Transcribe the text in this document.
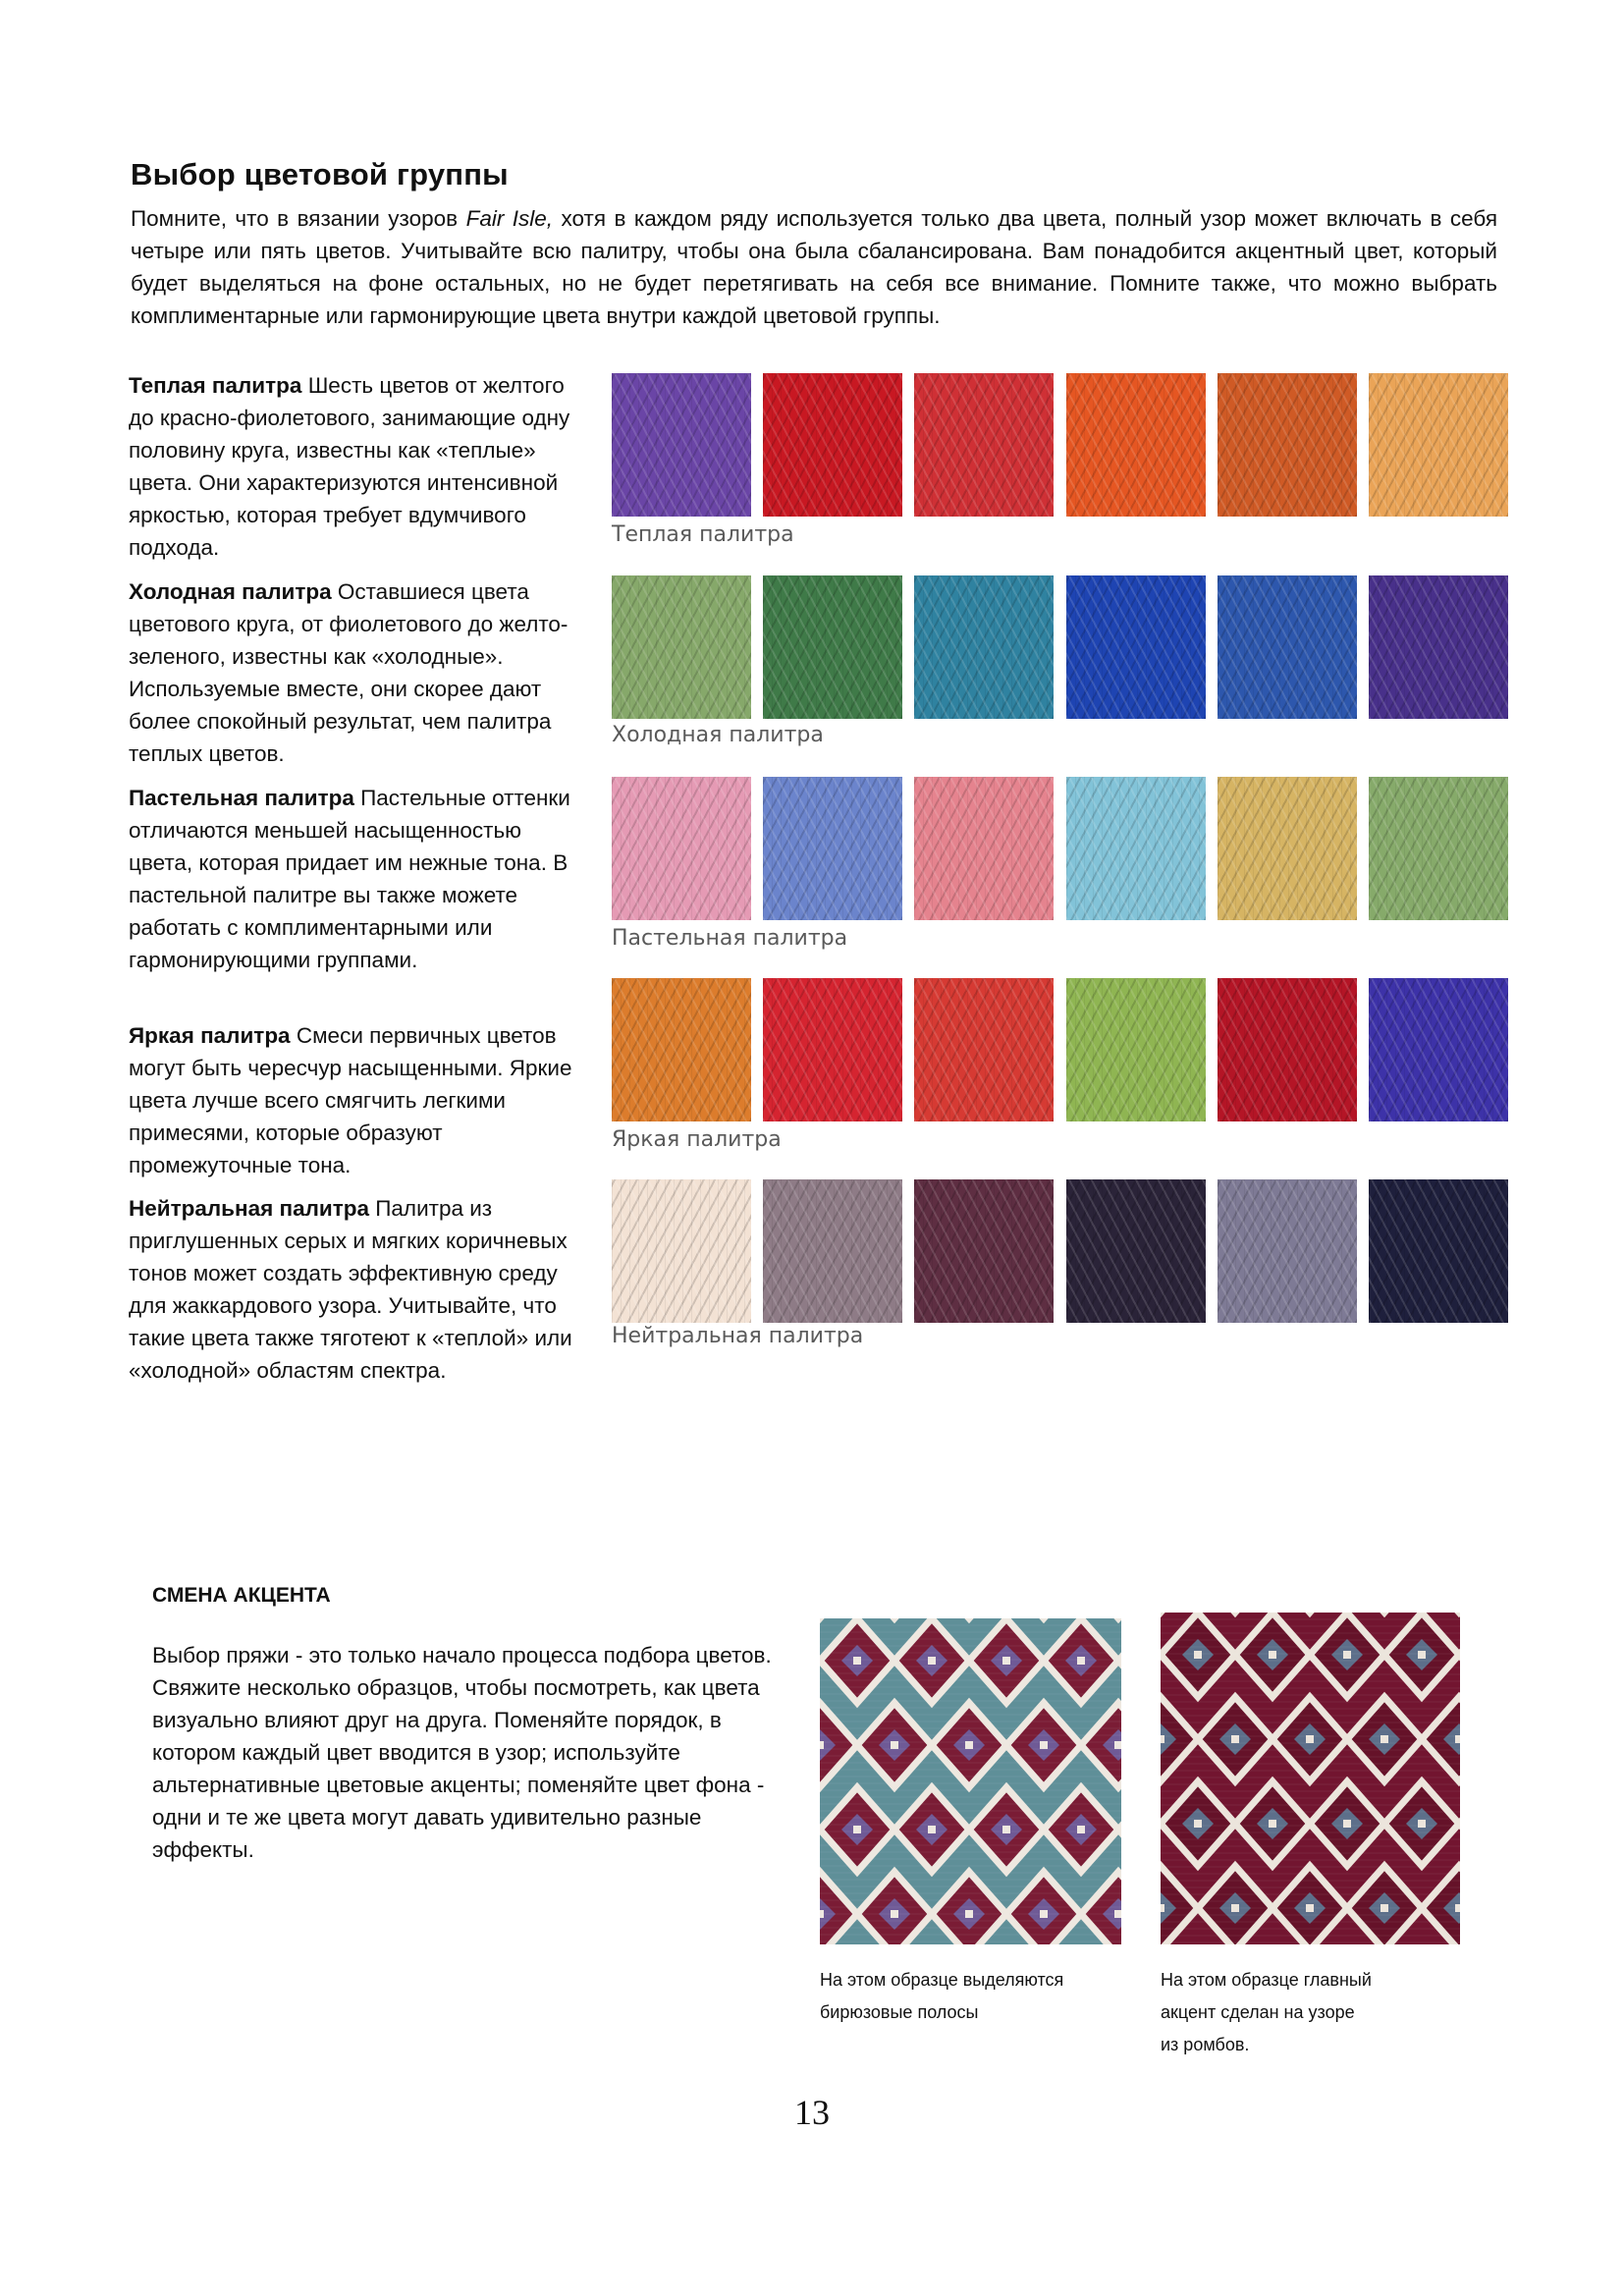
Выбор цветовой группы

Помните, что в вязании узоров Fair Isle, хотя в каждом ряду используется только два цвета, полный узор может включать в себя четыре или пять цветов. Учитывайте всю палитру, чтобы она была сбалансирована. Вам понадобится акцентный цвет, который будет выделяться на фоне остальных, но не будет перетягивать на себя все внимание. Помните также, что можно выбрать комплиментарные или гармонирующие цвета внутри каждой цветовой группы.

Теплая палитра Шесть цветов от желтого до красно-фиолетового, занимающие одну половину круга, известны как «теплые» цвета. Они характеризуются интенсивной яркостью, которая требует вдумчивого подхода.

Холодная палитра Оставшиеся цвета цветового круга, от фиолетового до желто-зеленого, известны как «холодные». Используемые вместе, они скорее дают более спокойный результат, чем палитра теплых цветов.

Пастельная палитра Пастельные оттенки отличаются меньшей насыщенностью цвета, которая придает им нежные тона. В пастельной палитре вы также можете работать с комплиментарными или гармонирующими группами.

Яркая палитра Смеси первичных цветов могут быть чересчур насыщенными. Яркие цвета лучше всего смягчить легкими примесями, которые образуют промежуточные тона.

Нейтральная палитра Палитра из приглушенных серых и мягких коричневых тонов может создать эффективную среду для жаккардового узора. Учитывайте, что такие цвета также тяготеют к «теплой» или «холодной» областям спектра.

Теплая палитра
Холодная палитра
Пастельная палитра
Яркая палитра
Нейтральная палитра
СМЕНА АКЦЕНТА

Выбор пряжи - это только начало процесса подбора цветов. Свяжите несколько образцов, чтобы посмотреть, как цвета визуально влияют друг на друга. Поменяйте порядок, в котором каждый цвет вводится в узор; используйте альтернативные цветовые акценты; поменяйте цвет фона - одни и те же цвета могут давать удивительно разные эффекты.

На этом образце выделяются
бирюзовые полосы

На этом образце главный
акцент сделан на узоре
из ромбов.

13
